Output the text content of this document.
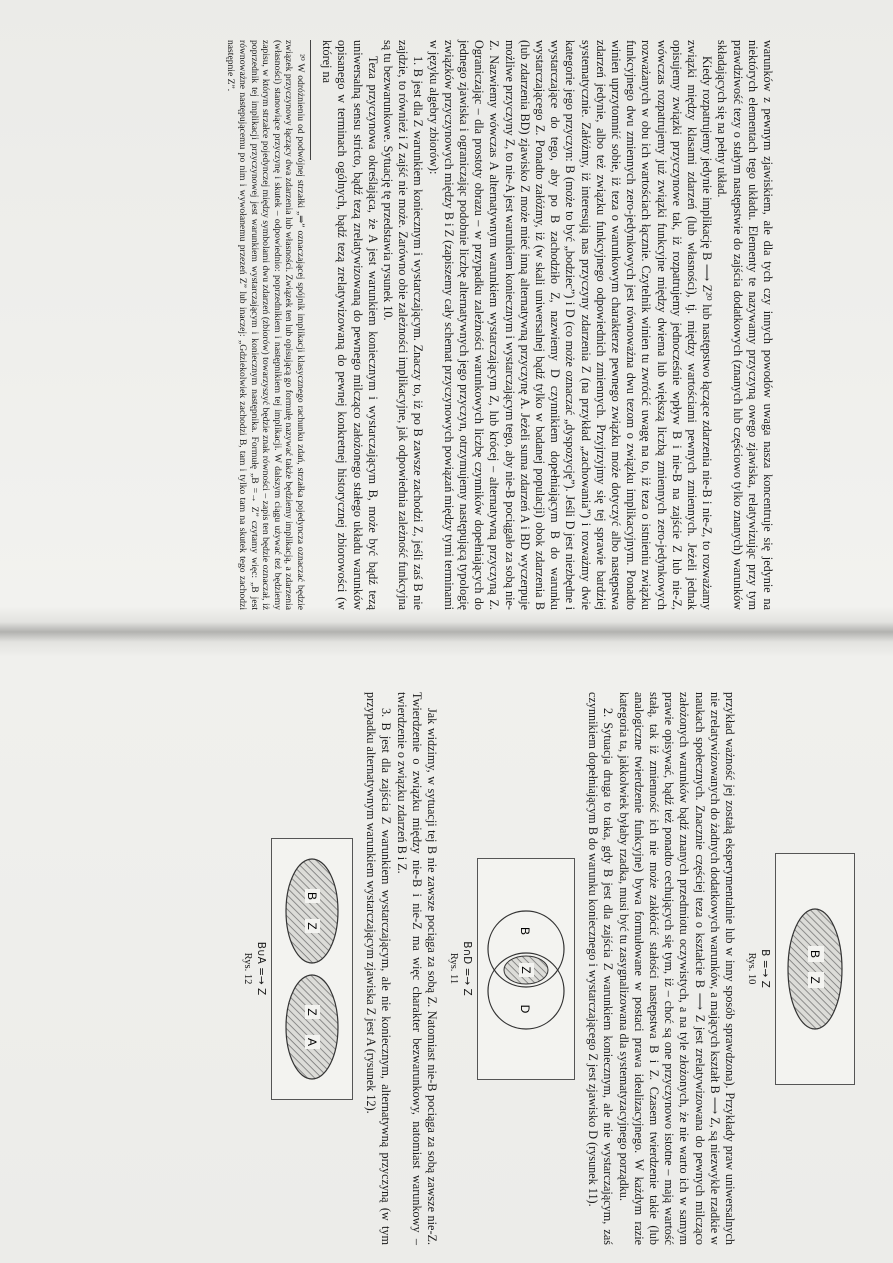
warunków z pewnym zjawiskiem, ale dla tych czy innych powodów uwaga nasza koncentruje się jedynie na niektórych elementach tego układu. Elementy te nazywamy przyczyną owego zjawiska, relatywizując przy tym prawdziwość tezy o stałym następstwie do zajścia dodatkowych (znanych lub częściowo tylko znanych) warunków składających się na pełny układ.

Kiedy rozpatrujemy jedynie implikację B ⟶ Z²⁰ lub następstwo łączące zdarzenia nie-B i nie-Z, to rozważamy związki między klasami zdarzeń (lub własności), tj. między wartościami pewnych zmiennych. Jeżeli jednak opisujemy związki przyczynowe tak, iż rozpatrujemy jednocześnie wpływ B i nie-B na zajście Z lub nie-Z, wówczas rozpatrujemy już związki funkcyjne między dwiema lub większą liczbą zmiennych zero-jedynkowych rozważanych w obu ich wartościach łącznie. Czytelnik winien tu zwrócić uwagę na to, iż teza o istnieniu związku funkcyjnego dwu zmiennych zero-jedynkowych jest równoważna dwu tezom o związku implikacyjnym. Ponadto winien uprzytomnić sobie, iż teza o warunkowym charakterze pewnego związku może dotyczyć albo następstwa zdarzeń jedynie, albo też związku funkcyjnego odpowiednich zmiennych. Przyjrzyjmy się tej sprawie bardziej systematycznie. Załóżmy, iż interesują nas przyczyny zdarzenia Z (na przykład „zachowania”) i rozważmy dwie kategorie jego przyczyn: B (może to być „bodziec”) i D (co może oznaczać „dyspozycję”). Jeśli D jest niezbędne i wystarczające do tego, aby po B zachodziło Z, nazwiemy D czynnikiem dopełniającym B do warunku wystarczającego Z. Ponadto załóżmy, iż (w skali uniwersalnej bądź tylko w badanej populacji) obok zdarzenia B (lub zdarzenia BD) zjawisko Z może mieć inną alternatywną przyczynę A. Jeżeli suma zdarzeń A i BD wyczerpuje możliwe przyczyny Z, to nie-A jest warunkiem koniecznym i wystarczającym tego, aby nie-B pociągało za sobą nie-Z. Nazwiemy wówczas A alternatywnym warunkiem wystarczającym Z, lub krócej – alternatywną przyczyną Z. Ograniczając – dla prostoty obrazu – w przypadku zależności warunkowych liczbę czynników dopełniających do jednego zjawiska i ograniczając podobnie liczbę alternatywnych jego przyczyn, otrzymujemy następującą typologię związków przyczynowych między B i Z (zapiszemy cały schemat przyczynowych powiązań między tymi terminami w języku algebry zbiorów):

1. B jest dla Z warunkiem koniecznym i wystarczającym. Znaczy to, iż po B zawsze zachodzi Z, jeśli zaś B nie zajdzie, to również i Z zajść nie może. Zarówno obie zależności implikacyjne, jak odpowiednia zależność funkcyjna są tu bezwarunkowe. Sytuację tę przedstawia rysunek 10.

Teza przyczynowa określająca, że A jest warunkiem koniecznym i wystarczającym B, może być bądź tezą uniwersalną sensu stricto, bądź tezą zrelatywizowaną do pewnego milcząco założonego stałego układu warunków opisanego w terminach ogólnych, bądź tezą zrelatywizowaną do pewnej konkretnej historycznej zbiorowości (w której na

²⁰ W odróżnieniu od podwójnej strzałki „⇒” oznaczającej spójnik implikacji klasycznego rachunku zdań, strzałka pojedyncza oznaczać będzie związek przyczynowy łączący dwa zdarzenia lub własności. Związek ten lub opisującą go formułę nazywać także będziemy implikacją, a zdarzenia (własności) stanowiące przyczynę i skutek – odpowiednio: poprzednikiem i następnikiem tej implikacji. W dalszym ciągu używać też będziemy zapisu, w którym strzałce pojedynczej między symbolami dwu zdarzeń (zbiorów) towarzyszyć będzie znak równości – zapis ten będzie oznaczał, iż poprzednik tej implikacji przyczynowej jest warunkiem wystarczającym i koniecznym następnika. Formułę „B =→ Z” czytamy więc: „B jest równoważne następującemu po nim i wywołanemu przezeń Z” lub inaczej: „Gdziekolwiek zachodzi B, tam i tylko tam na skutek tego zachodzi następnie Z”.

B
Z
B =→ Z
Rys. 10

przykład ważność jej zostałą eksperymentalnie lub w inny sposób sprawdzona). Przykłady praw uniwersalnych nie zrelatywizowanych do żadnych dodatkowych warunków, a mających kształt B ⟶ Z, są niezwykle rzadkie w naukach społecznych. Znacznie częściej teza o kształcie B ⟶ Z jest zrelatywizowana do pewnych milcząco założonych warunków bądź znanych przedmiotu oczywistych, a na tyle złożonych, że nie warto ich w samym prawie opisywać, bądź też ponadto cechujących się tym, iż – choć są one przyczynowo istotne – mają wartość stałą, tak iż zmienność ich nie może zakłócić stałości następstwa B i Z. Czasem twierdzenie takie (lub analogiczne twierdzenie funkcyjne) bywa formułowane w postaci prawa idealizacyjnego. W każdym razie kategoria ta, jakkolwiek byłaby rzadka, musi być tu zasygnalizowana dla systematyzacyjnego porządku.

2. Sytuacja druga to taka, gdy B jest dla zajścia Z warunkiem koniecznym, ale nie wystarczającym, zaś czynnikiem dopełniającym B do warunku koniecznego i wystarczającego Z jest zjawisko D (rysunek 11).

B
Z
D
B∩D =→ Z
Rys. 11

Jak widzimy, w sytuacji tej B nie zawsze pociąga za sobą Z. Natomiast nie-B pociąga za sobą zawsze nie-Z. Twierdzenie o związku między nie-B i nie-Z ma więc charakter bezwarunkowy, natomiast warunkowy – twierdzenie o związku zdarzeń B i Z.

3. B jest dla zajścia Z warunkiem wystarczającym, ale nie koniecznym, alternatywną przyczyną (w tym przypadku alternatywnym warunkiem wystarczającym zjawiska Z jest A (rysunek 12).

B
Z
Z
A
B∪A =→ Z
Rys. 12
